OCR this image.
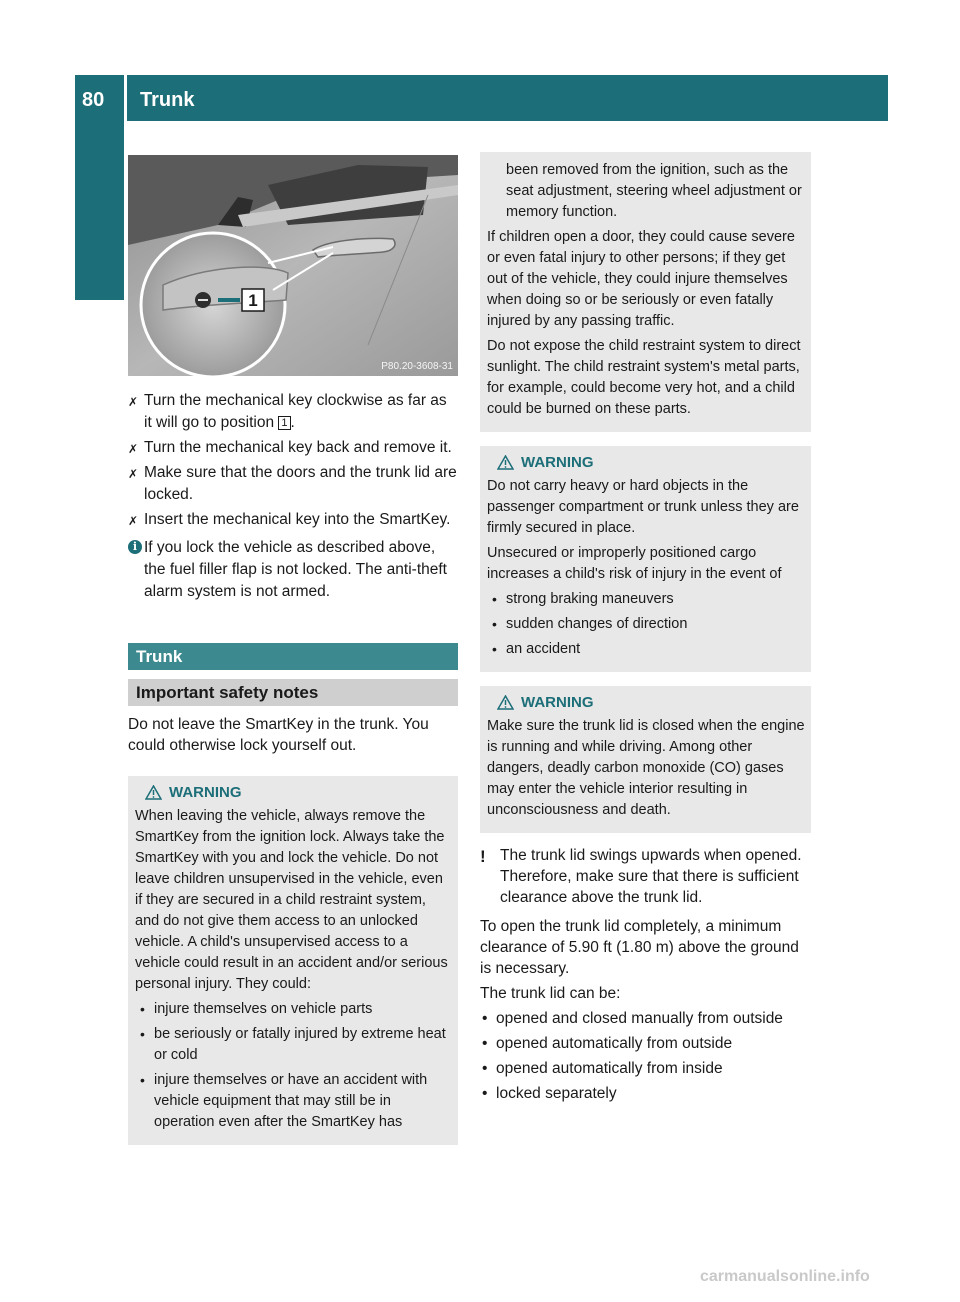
80 Trunk
Opening/closing
1
P80.20-3608-31
✗ Turn the mechanical key clockwise as far as it will go to position 1 .
✗ Turn the mechanical key back and remove it.
✗ Make sure that the doors and the trunk lid are locked.
✗ Insert the mechanical key into the SmartKey.
i If you lock the vehicle as described above, the fuel filler flap is not locked. The anti-theft alarm system is not armed.
Trunk
Important safety notes
Do not leave the SmartKey in the trunk. You could otherwise lock yourself out.
WARNING
When leaving the vehicle, always remove the SmartKey from the ignition lock. Always take the SmartKey with you and lock the vehicle. Do not leave children unsupervised in the vehicle, even if they are secured in a child restraint system, and do not give them access to an unlocked vehicle. A child's unsupervised access to a vehicle could result in an accident and/or serious personal injury. They could:
• injure themselves on vehicle parts
• be seriously or fatally injured by extreme heat or cold
• injure themselves or have an accident with vehicle equipment that may still be in operation even after the SmartKey has
been removed from the ignition, such as the seat adjustment, steering wheel adjustment or memory function.
If children open a door, they could cause severe or even fatal injury to other persons; if they get out of the vehicle, they could injure themselves when doing so or be seriously or even fatally injured by any passing traffic.
Do not expose the child restraint system to direct sunlight. The child restraint system's metal parts, for example, could become very hot, and a child could be burned on these parts.
WARNING
Do not carry heavy or hard objects in the passenger compartment or trunk unless they are firmly secured in place.
Unsecured or improperly positioned cargo increases a child's risk of injury in the event of
• strong braking maneuvers
• sudden changes of direction
• an accident
WARNING
Make sure the trunk lid is closed when the engine is running and while driving. Among other dangers, deadly carbon monoxide (CO) gases may enter the vehicle interior resulting in unconsciousness and death.
! The trunk lid swings upwards when opened. Therefore, make sure that there is sufficient clearance above the trunk lid.
To open the trunk lid completely, a minimum clearance of 5.90 ft (1.80 m) above the ground is necessary.
The trunk lid can be:
• opened and closed manually from outside
• opened automatically from outside
• opened automatically from inside
• locked separately
carmanualsonline.info
